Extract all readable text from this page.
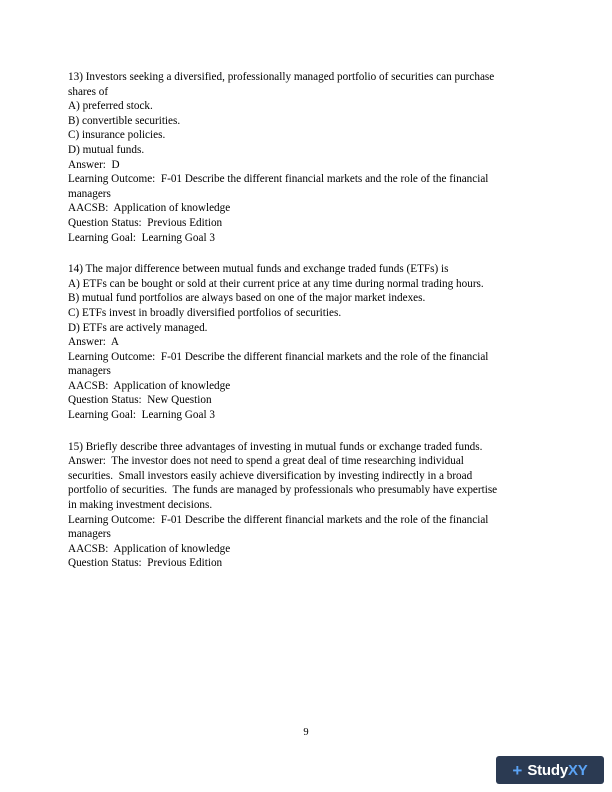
13) Investors seeking a diversified, professionally managed portfolio of securities can purchase
shares of
A) preferred stock.
B) convertible securities.
C) insurance policies.
D) mutual funds.
Answer:  D
Learning Outcome:  F-01 Describe the different financial markets and the role of the financial
managers
AACSB:  Application of knowledge
Question Status:  Previous Edition
Learning Goal:  Learning Goal 3
14) The major difference between mutual funds and exchange traded funds (ETFs) is
A) ETFs can be bought or sold at their current price at any time during normal trading hours.
B) mutual fund portfolios are always based on one of the major market indexes.
C) ETFs invest in broadly diversified portfolios of securities.
D) ETFs are actively managed.
Answer:  A
Learning Outcome:  F-01 Describe the different financial markets and the role of the financial
managers
AACSB:  Application of knowledge
Question Status:  New Question
Learning Goal:  Learning Goal 3
15) Briefly describe three advantages of investing in mutual funds or exchange traded funds.
Answer:  The investor does not need to spend a great deal of time researching individual
securities.  Small investors easily achieve diversification by investing indirectly in a broad
portfolio of securities.  The funds are managed by professionals who presumably have expertise
in making investment decisions.
Learning Outcome:  F-01 Describe the different financial markets and the role of the financial
managers
AACSB:  Application of knowledge
Question Status:  Previous Edition
9
+ StudyXY
